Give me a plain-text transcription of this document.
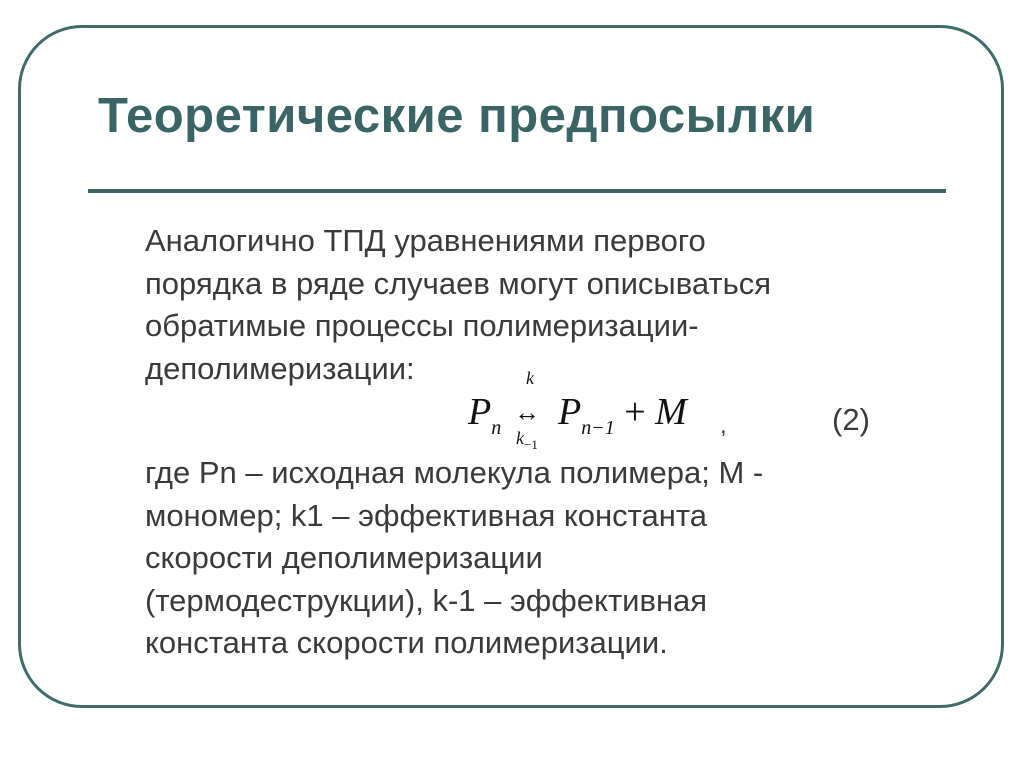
Теоретические предпосылки
Аналогично ТПД уравнениями первого
порядка в ряде случаев могут описываться
обратимые процессы полимеризации-
деполимеризации:	k
$P_n$
↔ $P_{n-1} + M$
$k_{-1}$
,	(2)
где Pn – исходная молекула полимера; M -
мономер; k1 – эффективная константа
скорости деполимеризации
(термодеструкции), k-1 – эффективная
константа скорости полимеризации.
